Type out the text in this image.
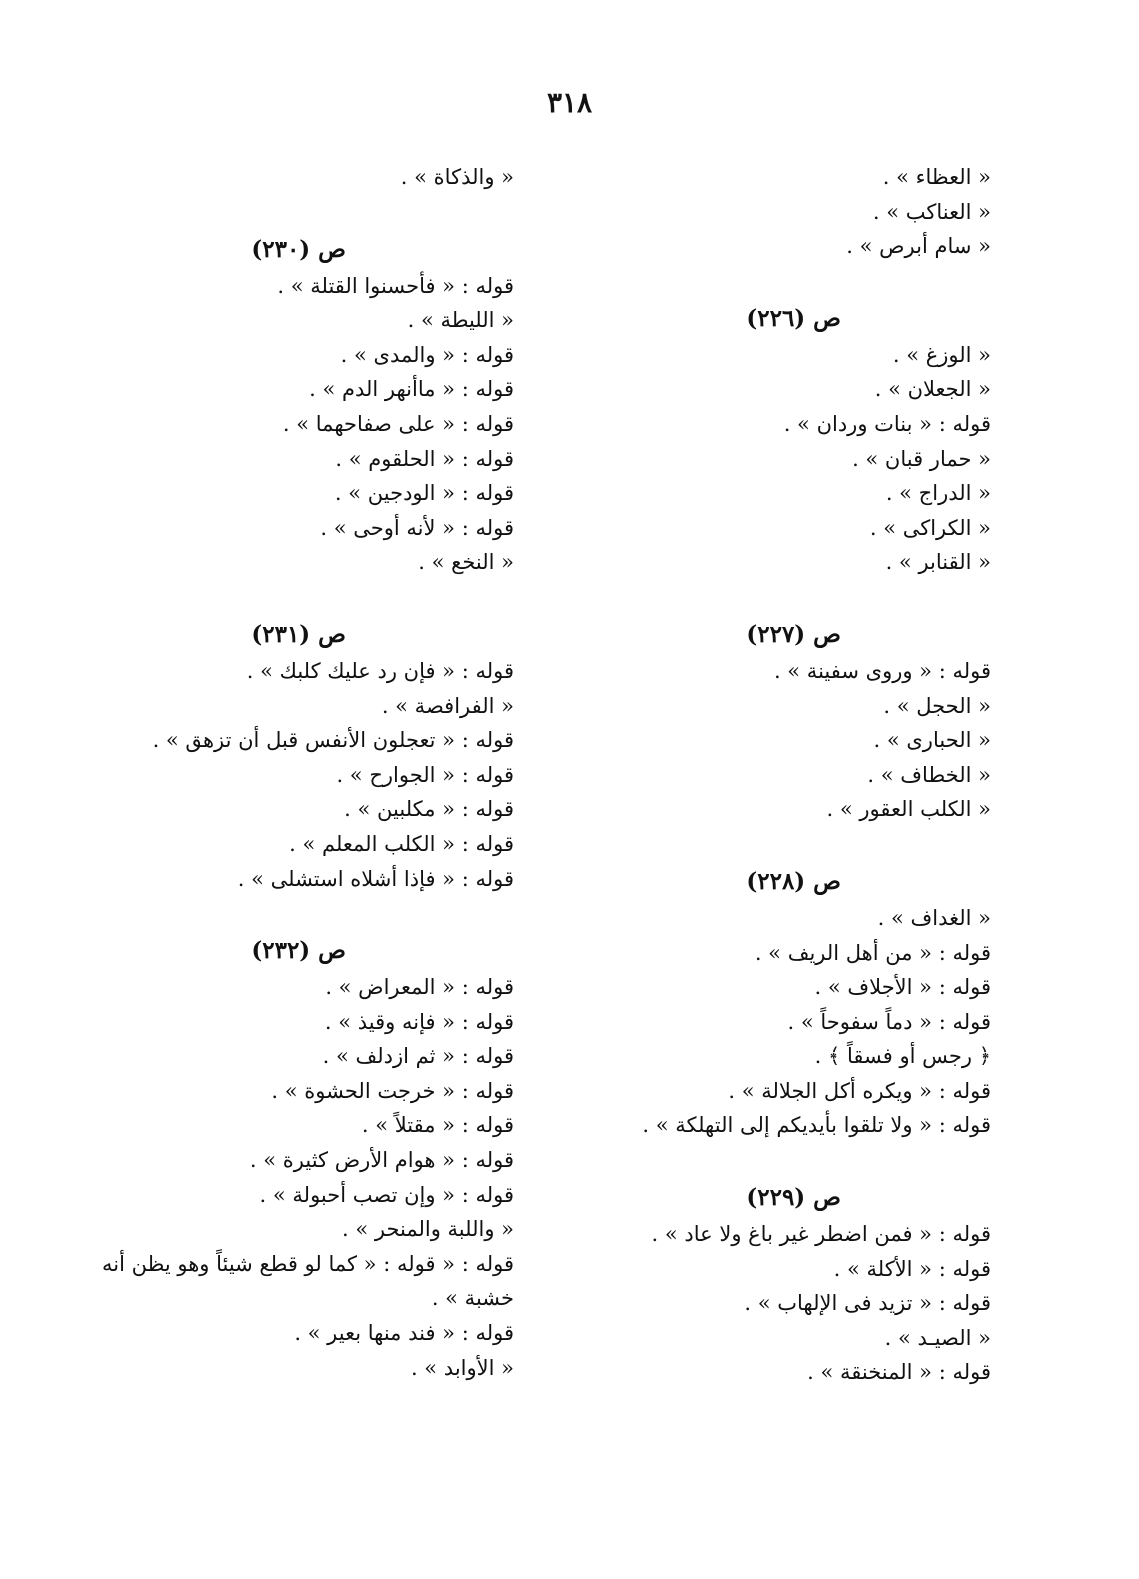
٣١٨
« العظاء » .
« العناكب » .
« سام أبرص » .
ص (٢٢٦)
« الوزغ » .
« الجعلان » .
قوله : « بنات وردان » .
« حمار قبان » .
« الدراج » .
« الكراكى » .
« القنابر » .
ص (٢٢٧)
قوله : « وروى سفينة » .
« الحجل » .
« الحبارى » .
« الخطاف » .
« الكلب العقور » .
ص (٢٢٨)
« الغداف » .
قوله : « من أهل الريف » .
قوله : « الأجلاف » .
قوله : « دماً سفوحاً » .
﴿ رجس أو فسقاً ﴾ .
قوله : « ويكره أكل الجلالة » .
قوله : « ولا تلقوا بأيديكم إلى التهلكة » .
ص (٢٢٩)
قوله : « فمن اضطر غير باغ ولا عاد » .
قوله : « الأكلة » .
قوله : « تزيد فى الإلهاب » .
« الصيـد » .
قوله : « المنخنقة » .
« والذكاة » .
ص (٢٣٠)
قوله : « فأحسنوا القتلة » .
« الليطة » .
قوله : « والمدى » .
قوله : « ماأنهر الدم » .
قوله : « على صفاحهما » .
قوله : « الحلقوم » .
قوله : « الودجين » .
قوله : « لأنه أوحى » .
« النخع » .
ص (٢٣١)
قوله : « فإن رد عليك كلبك » .
« الفرافصة » .
قوله : « تعجلون الأنفس قبل أن تزهق » .
قوله : « الجوارح » .
قوله : « مكلبين » .
قوله : « الكلب المعلم » .
قوله : « فإذا أشلاه استشلى » .
ص (٢٣٢)
قوله : « المعراض » .
قوله : « فإنه وقيذ » .
قوله : « ثم ازدلف » .
قوله : « خرجت الحشوة » .
قوله : « مقتلاً » .
قوله : « هوام الأرض كثيرة » .
قوله : « وإن تصب أحبولة » .
« واللبة والمنحر » .
قوله : « قوله : « كما لو قطع شيئاً وهو يظن أنه
خشبة » .
قوله : « فند منها بعير » .
« الأوابد » .
